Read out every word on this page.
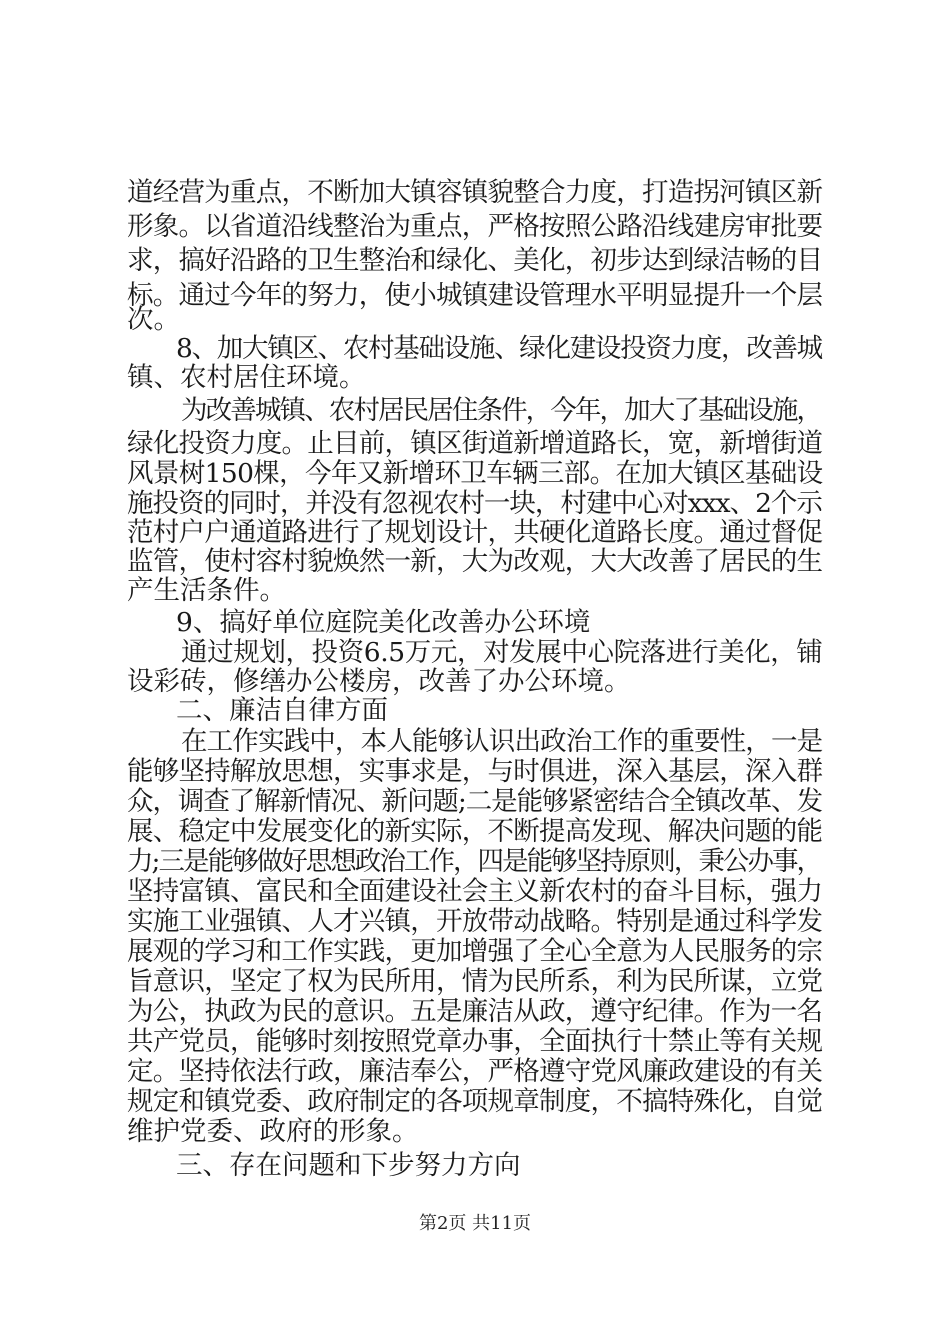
道经营为重点，不断加大镇容镇貌整合力度，打造拐河镇区新
形象。以省道沿线整治为重点，严格按照公路沿线建房审批要
求，搞好沿路的卫生整治和绿化、美化，初步达到绿洁畅的目
标。通过今年的努力，使小城镇建设管理水平明显提升一个层
次。
8、加大镇区、农村基础设施、绿化建设投资力度，改善城
镇、农村居住环境。
为改善城镇、农村居民居住条件，今年，加大了基础设施，
绿化投资力度。止目前，镇区街道新增道路长，宽，新增街道
风景树150棵，今年又新增环卫车辆三部。在加大镇区基础设
施投资的同时，并没有忽视农村一块，村建中心对xxx、2个示
范村户户通道路进行了规划设计，共硬化道路长度。通过督促
监管，使村容村貌焕然一新，大为改观，大大改善了居民的生
产生活条件。
9、搞好单位庭院美化改善办公环境
通过规划，投资6.5万元，对发展中心院落进行美化，铺
设彩砖，修缮办公楼房，改善了办公环境。
二、廉洁自律方面
在工作实践中，本人能够认识出政治工作的重要性，一是
能够坚持解放思想，实事求是，与时俱进，深入基层，深入群
众，调查了解新情况、新问题;二是能够紧密结合全镇改革、发
展、稳定中发展变化的新实际，不断提高发现、解决问题的能
力;三是能够做好思想政治工作，四是能够坚持原则，秉公办事，
坚持富镇、富民和全面建设社会主义新农村的奋斗目标，强力
实施工业强镇、人才兴镇，开放带动战略。特别是通过科学发
展观的学习和工作实践，更加增强了全心全意为人民服务的宗
旨意识，坚定了权为民所用，情为民所系，利为民所谋，立党
为公，执政为民的意识。五是廉洁从政，遵守纪律。作为一名
共产党员，能够时刻按照党章办事，全面执行十禁止等有关规
定。坚持依法行政，廉洁奉公，严格遵守党风廉政建设的有关
规定和镇党委、政府制定的各项规章制度，不搞特殊化，自觉
维护党委、政府的形象。
三、存在问题和下步努力方向
第2页 共11页
